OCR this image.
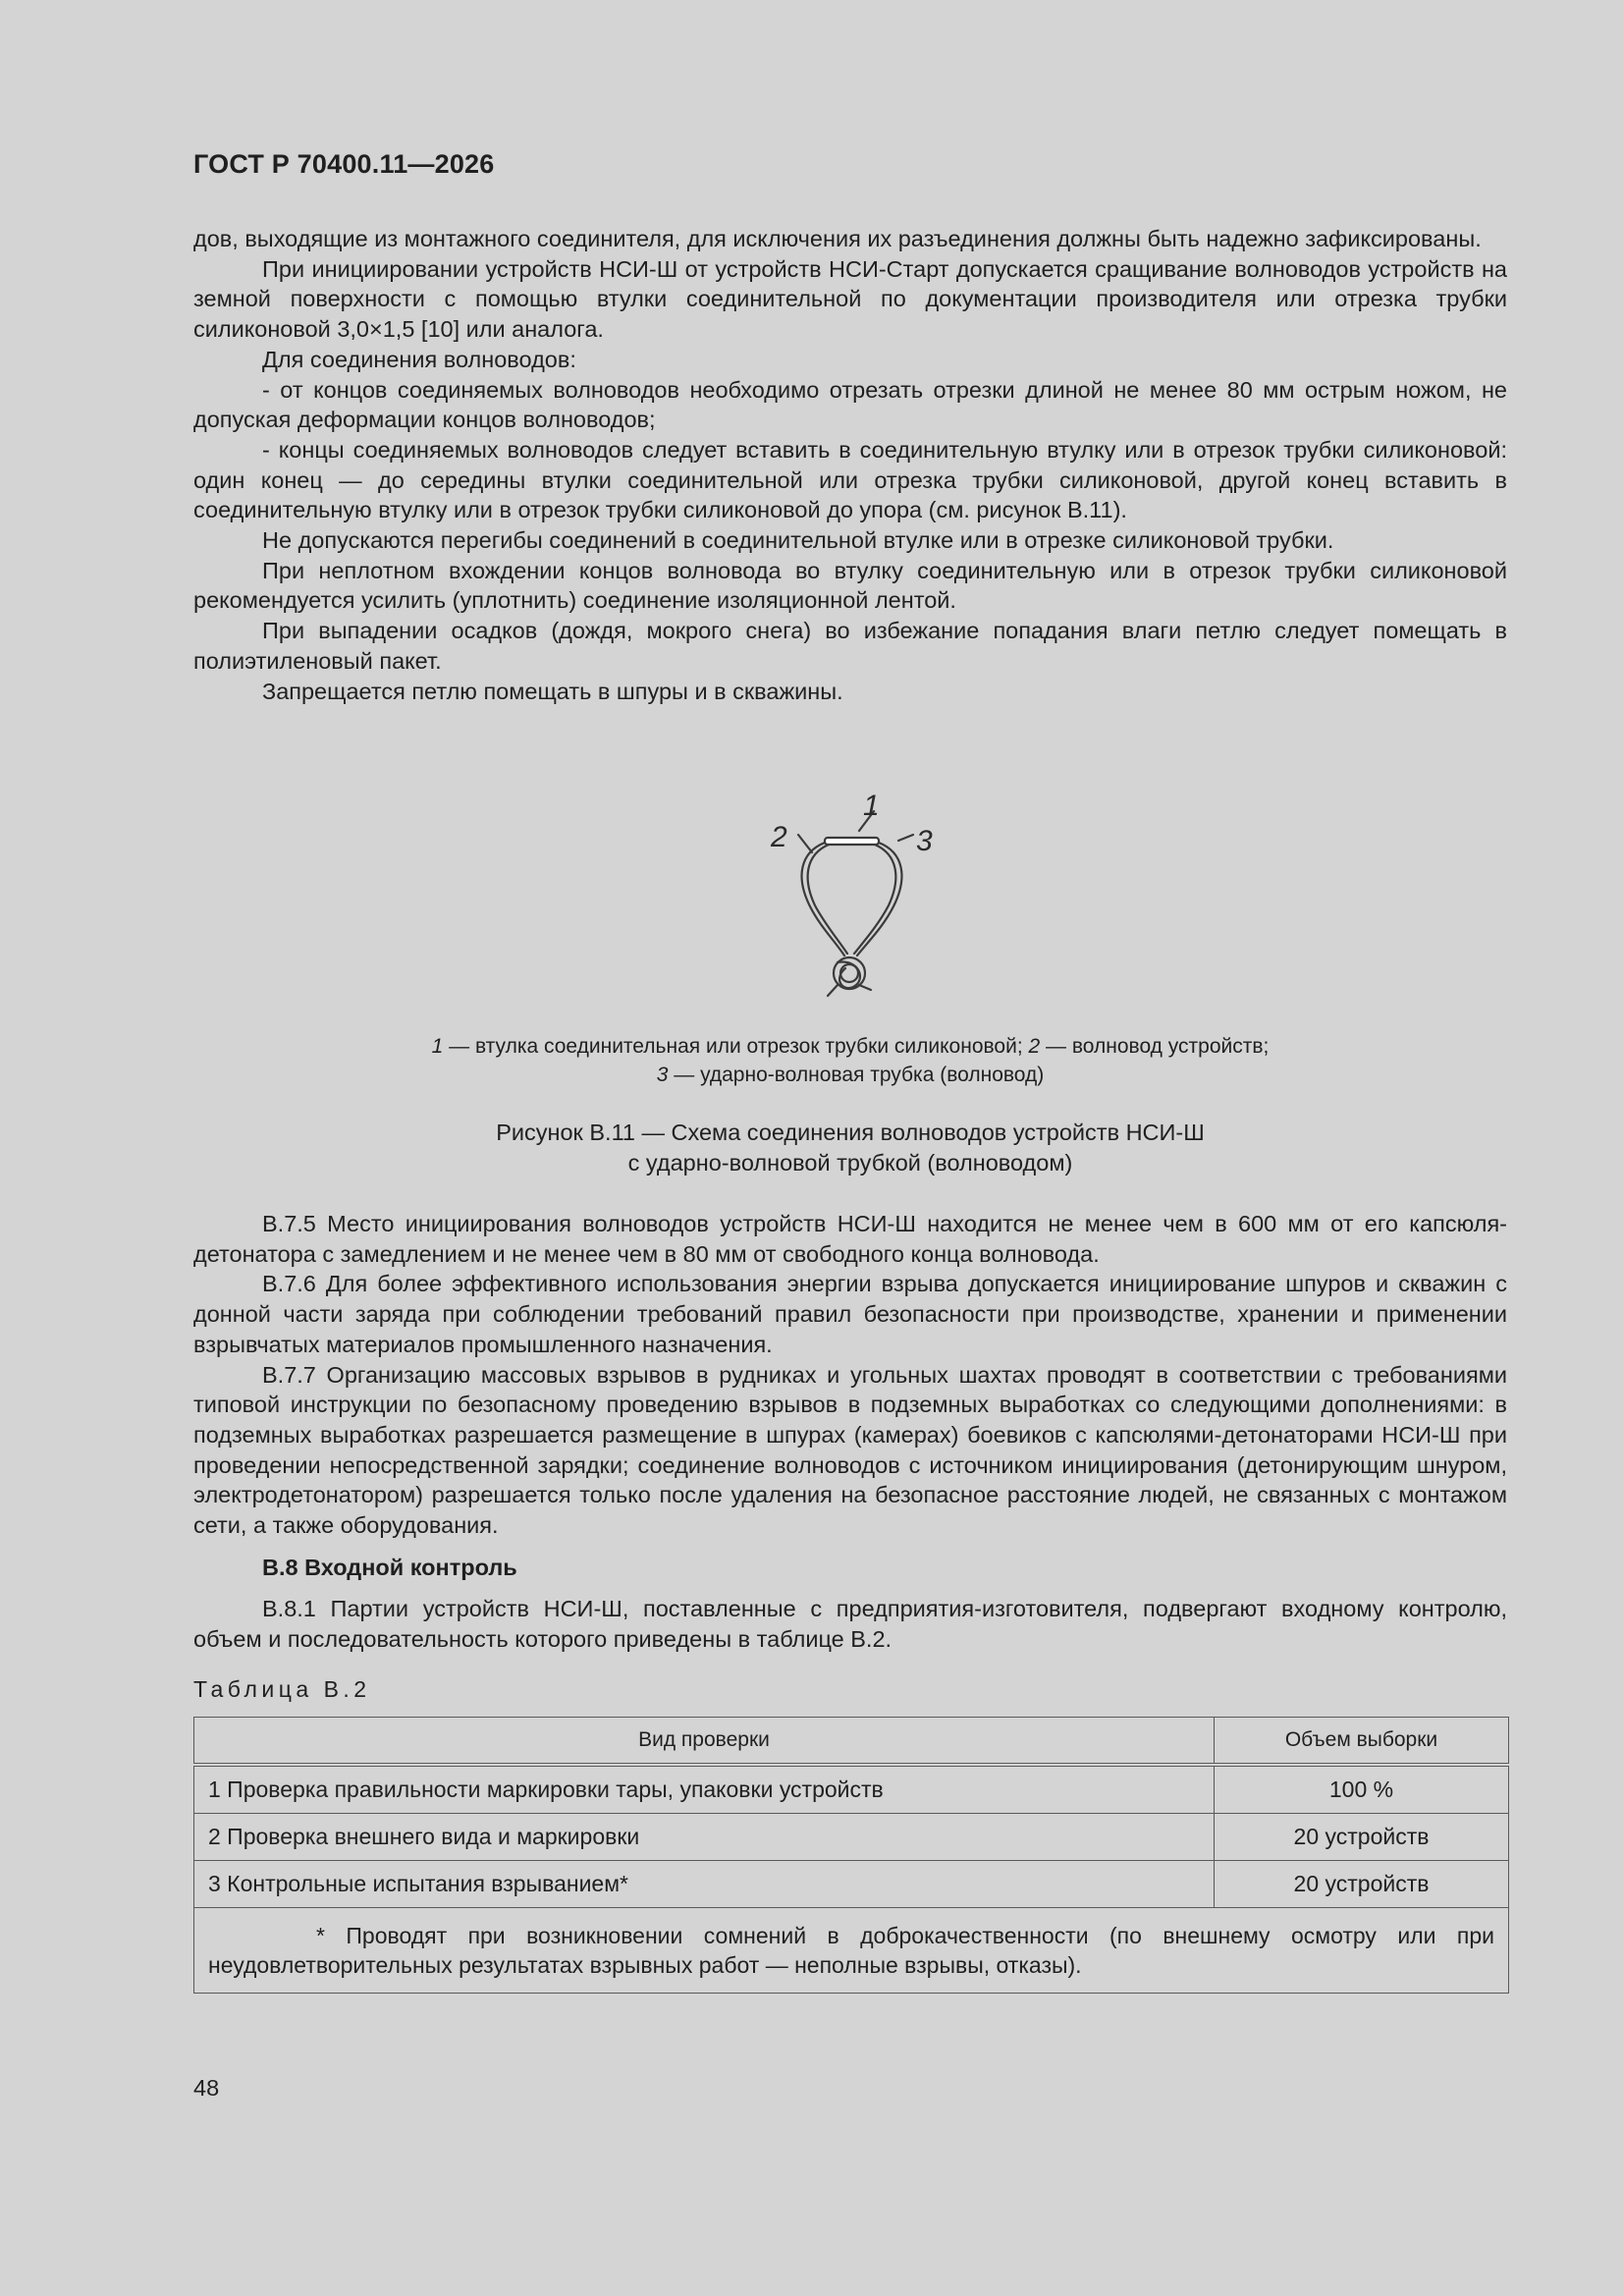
ГОСТ Р 70400.11—2026

дов, выходящие из монтажного соединителя, для исключения их разъединения должны быть надежно зафиксированы.

При инициировании устройств НСИ-Ш от устройств НСИ-Старт допускается сращивание волноводов устройств на земной поверхности с помощью втулки соединительной по документации производителя или отрезка трубки силиконовой 3,0×1,5 [10] или аналога.

Для соединения волноводов:

- от концов соединяемых волноводов необходимо отрезать отрезки длиной не менее 80 мм острым ножом, не допуская деформации концов волноводов;

- концы соединяемых волноводов следует вставить в соединительную втулку или в отрезок трубки силиконовой: один конец — до середины втулки соединительной или отрезка трубки силиконовой, другой конец вставить в соединительную втулку или в отрезок трубки силиконовой до упора (см. рисунок В.11).

Не допускаются перегибы соединений в соединительной втулке или в отрезке силиконовой трубки.

При неплотном вхождении концов волновода во втулку соединительную или в отрезок трубки силиконовой рекомендуется усилить (уплотнить) соединение изоляционной лентой.

При выпадении осадков (дождя, мокрого снега) во избежание попадания влаги петлю следует помещать в полиэтиленовый пакет.

Запрещается петлю помещать в шпуры и в скважины.

1
2	3
1 — втулка соединительная или отрезок трубки силиконовой; 2 — волновод устройств;
3 — ударно-волновая трубка (волновод)
Рисунок В.11 — Схема соединения волноводов устройств НСИ-Ш
с ударно-волновой трубкой (волноводом)

В.7.5 Место инициирования волноводов устройств НСИ-Ш находится не менее чем в 600 мм от его капсюля-детонатора с замедлением и не менее чем в 80 мм от свободного конца волновода.

В.7.6 Для более эффективного использования энергии взрыва допускается инициирование шпуров и скважин с донной части заряда при соблюдении требований правил безопасности при производстве, хранении и применении взрывчатых материалов промышленного назначения.

В.7.7 Организацию массовых взрывов в рудниках и угольных шахтах проводят в соответствии с требованиями типовой инструкции по безопасному проведению взрывов в подземных выработках со следующими дополнениями: в подземных выработках разрешается размещение в шпурах (камерах) боевиков с капсюлями-детонаторами НСИ-Ш при проведении непосредственной зарядки; соединение волноводов с источником инициирования (детонирующим шнуром, электродетонатором) разрешается только после удаления на безопасное расстояние людей, не связанных с монтажом сети, а также оборудования.

В.8 Входной контроль

В.8.1 Партии устройств НСИ-Ш, поставленные с предприятия-изготовителя, подвергают входному контролю, объем и последовательность которого приведены в таблице В.2.

Таблица В.2
Вид проверки	Объем выборки
1 Проверка правильности маркировки тары, упаковки устройств	100 %
2 Проверка внешнего вида и маркировки	20 устройств
3 Контрольные испытания взрыванием*	20 устройств
* Проводят при возникновении сомнений в доброкачественности (по внешнему осмотру или при неудовлетворительных результатах взрывных работ — неполные взрывы, отказы).	
48
